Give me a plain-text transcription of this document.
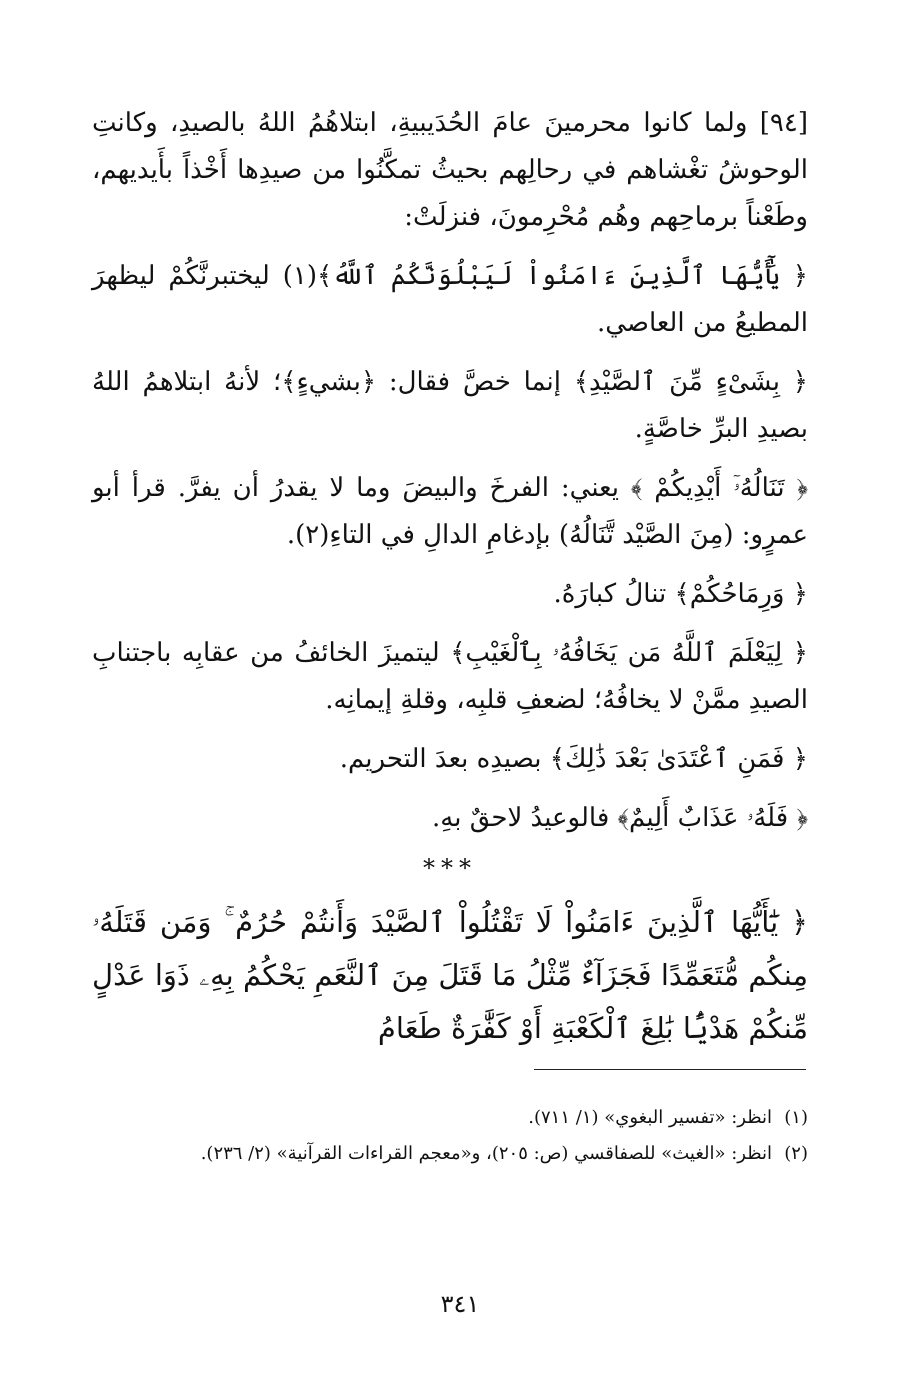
[٩٤] ولما كانوا محرمينَ عامَ الحُدَيبيةِ، ابتلاهُمُ اللهُ بالصيدِ، وكانتِ الوحوشُ تغْشاهم في رحالِهم بحيثُ تمكَّنُوا من صيدِها أَخْذاً بأَيديهم، وطَعْناً برماحِهم وهُم مُحْرِمونَ، فنزلَتْ:

﴿ يَٰٓأَيُّهَا ٱلَّذِينَ ءَامَنُواْ لَيَبْلُوَنَّكُمُ ٱللَّهُ﴾(١) ليختبرنَّكُمْ ليظهرَ المطيعُ من العاصي.

﴿ بِشَىْءٍ مِّنَ ٱلصَّيْدِ﴾ إنما خصَّ فقال: ﴿بشيءٍ﴾؛ لأنهُ ابتلاهمُ اللهُ بصيدِ البرِّ خاصَّةٍ.

﴿ تَنَالُهُۥٓ أَيْدِيكُمْ ﴾ يعني: الفرخَ والبيضَ وما لا يقدرُ أن يفرَّ. قرأ أبو عمرٍو: (مِنَ الصَّيْد تَّنَالُهُ) بإدغامِ الدالِ في التاءِ(٢).

﴿ وَرِمَاحُكُمْ﴾ تنالُ كبارَهُ.

﴿ لِيَعْلَمَ ٱللَّهُ مَن يَخَافُهُۥ بِٱلْغَيْبِ﴾ ليتميزَ الخائفُ من عقابِه باجتنابِ الصيدِ ممَّنْ لا يخافُهُ؛ لضعفِ قلبِه، وقلةِ إيمانِه.

﴿ فَمَنِ ٱعْتَدَىٰ بَعْدَ ذَٰلِكَ﴾ بصيدِه بعدَ التحريم.

﴿ فَلَهُۥ عَذَابٌ أَلِيمٌ﴾ فالوعيدُ لاحقٌ بهِ.

***

﴿ يَٰٓأَيُّهَا ٱلَّذِينَ ءَامَنُواْ لَا تَقْتُلُواْ ٱلصَّيْدَ وَأَنتُمْ حُرُمٌ ۚ وَمَن قَتَلَهُۥ مِنكُم مُّتَعَمِّدًا فَجَزَآءٌ مِّثْلُ مَا قَتَلَ مِنَ ٱلنَّعَمِ يَحْكُمُ بِهِۦ ذَوَا عَدْلٍ مِّنكُمْ هَدْيًۢا بَٰلِغَ ٱلْكَعْبَةِ أَوْ كَفَّٰرَةٌ طَعَامُ

(١)
انظر: «تفسير البغوي» (١/ ٧١١).
(٢)
انظر: «الغيث» للصفاقسي (ص: ٢٠٥)، و«معجم القراءات القرآنية» (٢/ ٢٣٦).
٣٤١
